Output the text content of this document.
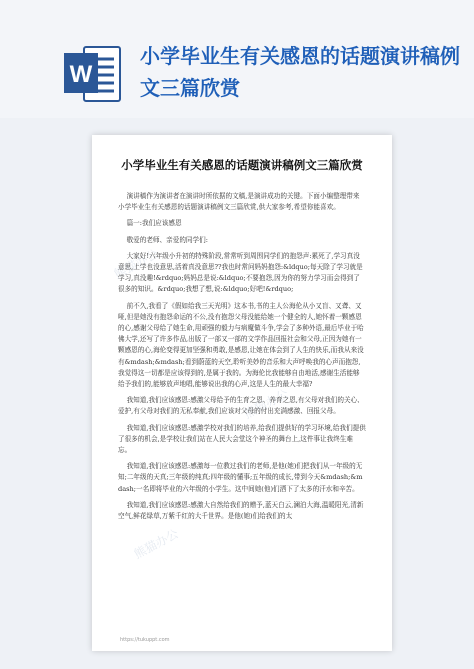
W
小学毕业生有关感恩的话题演讲稿例文三篇欣赏
熊猫办公
熊猫办公
熊猫办公
小学毕业生有关感恩的话题演讲稿例文三篇欣赏

演讲稿作为演讲者在演讲时所依据的文稿,是演讲成功的关键。下面小编整理带来小学毕业生有关感恩的话题演讲稿例文三篇欣赏,供大家参考,希望你能喜欢。

篇一:我们应该感恩

敬爱的老师、亲爱的同学们:

大家好!六年级小升初的特殊阶段,常常听到周围同学们的抱怨声:累死了,学习真没意思,上学也没意思,活着真没意思??我也时常问妈妈抱怨:&ldquo;每天除了学习就是学习,真没趣!&rdquo;妈妈总是说:&ldquo;不要抱怨,因为你的努力学习而会得到了很多的知识。&rdquo;我想了想,说:&ldquo;好吧!&rdquo;

前不久,我看了《假如给我三天光明》这本书,书的主人公海伦从小又盲、又聋、又哑,但是她没有抱怨命运的不公,没有抱怨父母没能给她一个健全的人,她怀着一颗感恩的心,感谢父母给了她生命,用顽强的毅力与病魔做斗争,学会了多种外语,最后毕业于哈佛大学,还写了许多作品,出版了一部又一部的文学作品回报社会和父母,正因为她有一颗感恩的心,海伦变得更加坚强和勇敢,是感恩,让她在体会到了人生的快乐,而我从来没有&mdash;&mdash;看到蔚蓝的天空,聆听美妙的音乐和大声呼唤我的心声而抱怨,我觉得这一切都是应该得到的,是属于我的。为海伦比我能够自由地活,感谢生活能够给予我们的,能够放声地唱,能够说出我的心声,这是人生的最大幸福?

我知道,我们应该感恩:感激父母给予的生育之恩、养育之恩,有父母对我们的关心、爱护,有父母对我们的无私奉献,我们应该对父母的付出充满感激、回报父母。

我知道,我们应该感恩:感激学校对我们的培养,给我们提供好的学习环境,给我们提供了很多的机会,是学校让我们站在人民大会堂这个神圣的舞台上,这件事让我终生难忘。

我知道,我们应该感恩:感激每一位教过我们的老师,是他(她)们把我们从一年级的无知;二年级的天真;三年级的纯真;四年级的懂事;五年级的成长,带到今天&mdash;&mdash;一名即将毕业的六年级的小学生。这中间她(他)们洒下了太多的汗水和辛苦。

我知道,我们应该感恩:感激大自然给我们的赠予,蓝天白云,澜泊大海,温暖阳光,清新空气,鲜花绿草,万紫千红的大千世界。是他(她)们给我们的太

https://tukuppt.com
